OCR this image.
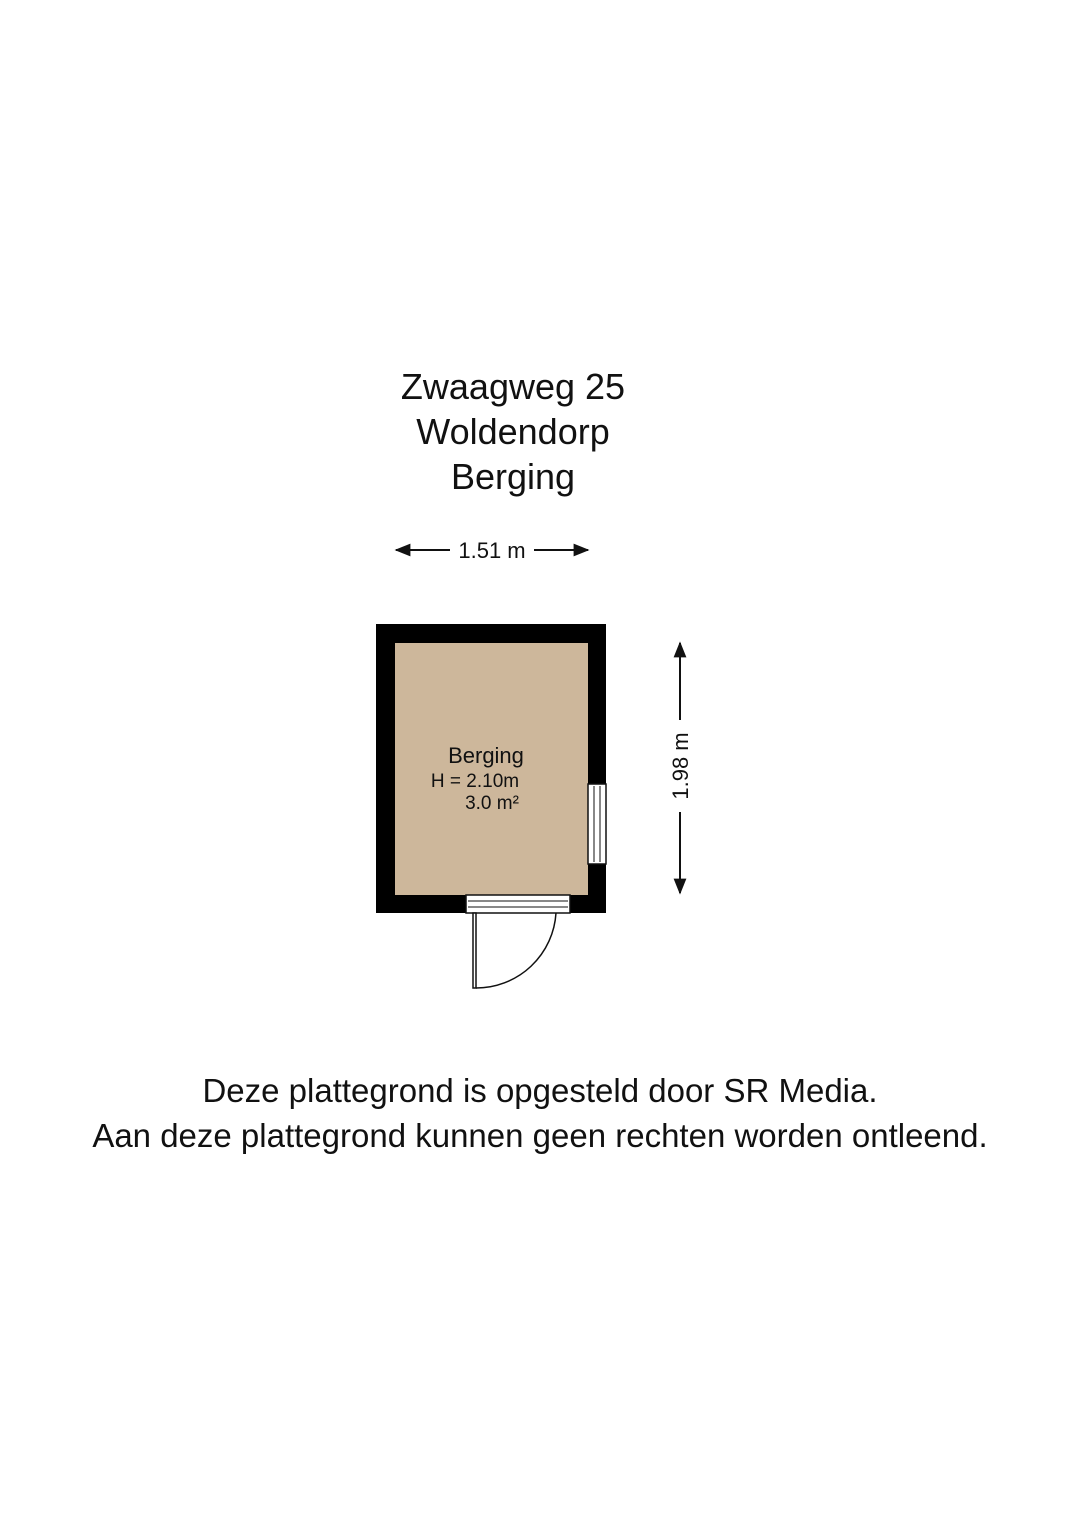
Zwaagweg 25
Woldendorp
Berging
1.51 m
1.98 m
Berging
H = 2.10m
3.0 m²
Deze plattegrond is opgesteld door SR Media.
Aan deze plattegrond kunnen geen rechten worden ontleend.
